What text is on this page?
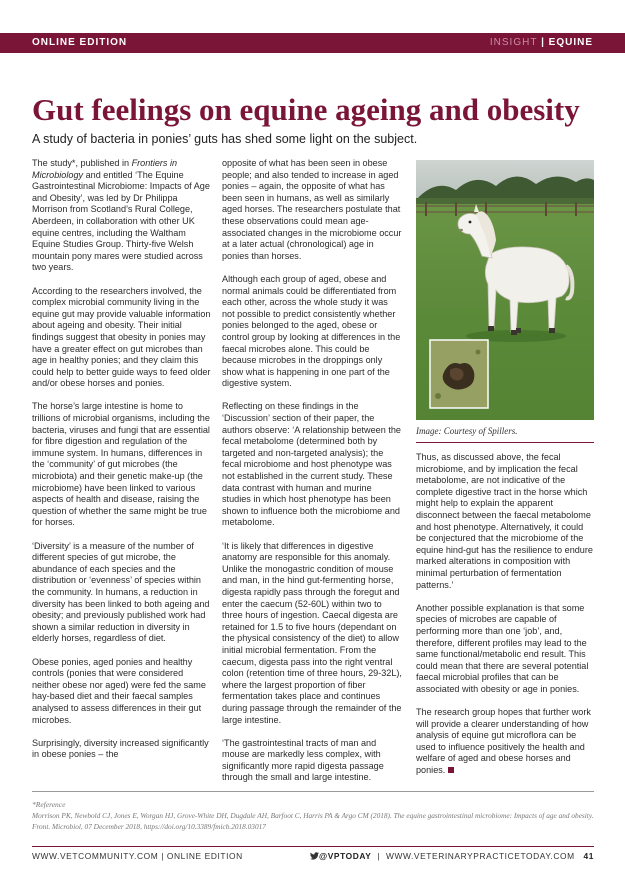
ONLINE EDITION	INSIGHT | EQUINE
Gut feelings on equine ageing and obesity
A study of bacteria in ponies’ guts has shed some light on the subject.

The study*, published in Frontiers in Microbiology and entitled ‘The Equine Gastrointestinal Microbiome: Impacts of Age and Obesity’, was led by Dr Philippa Morrison from Scotland’s Rural College, Aberdeen, in collaboration with other UK equine centres, including the Waltham Equine Studies Group. Thirty-five Welsh mountain pony mares were studied across two years.

According to the researchers involved, the complex microbial community living in the equine gut may provide valuable information about ageing and obesity. Their initial findings suggest that obesity in ponies may have a greater effect on gut microbes than age in healthy ponies; and they claim this could help to better guide ways to feed older and/or obese horses and ponies.

The horse’s large intestine is home to trillions of microbial organisms, including the bacteria, viruses and fungi that are essential for fibre digestion and regulation of the immune system. In humans, differences in the ‘community’ of gut microbes (the microbiota) and their genetic make-up (the microbiome) have been linked to various aspects of health and disease, raising the question of whether the same might be true for horses.

‘Diversity’ is a measure of the number of different species of gut microbe, the abundance of each species and the distribution or ‘evenness’ of species within the community. In humans, a reduction in diversity has been linked to both ageing and obesity; and previously published work had shown a similar reduction in diversity in elderly horses, regardless of diet.

Obese ponies, aged ponies and healthy controls (ponies that were considered neither obese nor aged) were fed the same hay-based diet and their faecal samples analysed to assess differences in their gut microbes.

Surprisingly, diversity increased significantly in obese ponies – the

opposite of what has been seen in obese people; and also tended to increase in aged ponies – again, the opposite of what has been seen in humans, as well as similarly aged horses. The researchers postulate that these observations could mean age-associated changes in the microbiome occur at a later actual (chronological) age in ponies than horses.

Although each group of aged, obese and normal animals could be differentiated from each other, across the whole study it was not possible to predict consistently whether ponies belonged to the aged, obese or control group by looking at differences in the faecal microbes alone. This could be because microbes in the droppings only show what is happening in one part of the digestive system.

Reflecting on these findings in the ‘Discussion’ section of their paper, the authors observe: ‘A relationship between the fecal metabolome (determined both by targeted and non-targeted analysis); the fecal microbiome and host phenotype was not established in the current study. These data contrast with human and murine studies in which host phenotype has been shown to influence both the microbiome and metabolome.

‘It is likely that differences in digestive anatomy are responsible for this anomaly. Unlike the monogastric condition of mouse and man, in the hind gut-fermenting horse, digesta rapidly pass through the foregut and enter the caecum (52-60L) within two to three hours of ingestion. Caecal digesta are retained for 1.5 to five hours (dependant on the physical consistency of the diet) to allow initial microbial fermentation. From the caecum, digesta pass into the right ventral colon (retention time of three hours, 29-32L), where the largest proportion of fiber fermentation takes place and continues during passage through the remainder of the large intestine.

‘The gastrointestinal tracts of man and mouse are markedly less complex, with significantly more rapid digesta passage through the small and large intestine.

Image: Courtesy of Spillers.

Thus, as discussed above, the fecal microbiome, and by implication the fecal metabolome, are not indicative of the complete digestive tract in the horse which might help to explain the apparent disconnect between the faecal metabolome and host phenotype. Alternatively, it could be conjectured that the microbiome of the equine hind-gut has the resilience to endure marked alterations in composition with minimal perturbation of fermentation patterns.’

Another possible explanation is that some species of microbes are capable of performing more than one ‘job’, and, therefore, different profiles may lead to the same functional/metabolic end result. This could mean that there are several potential faecal microbial profiles that can be associated with obesity or age in ponies.

The research group hopes that further work will provide a clearer understanding of how analysis of equine gut microflora can be used to influence positively the health and welfare of aged and obese horses and ponies.

*Reference
Morrison PK, Newbold CJ, Jones E, Worgan HJ, Grove-White DH, Dugdale AH, Barfoot C, Harris PA & Argo CM (2018). The equine gastrointestinal microbiome: Impacts of age and obesity. Front. Microbiol, 07 December 2018, https://doi.org/10.3389/fmicb.2018.03017
WWW.VETCOMMUNITY.COM | ONLINE EDITION	@VPTODAY  |  WWW.VETERINARYPRACTICETODAY.COM 41
